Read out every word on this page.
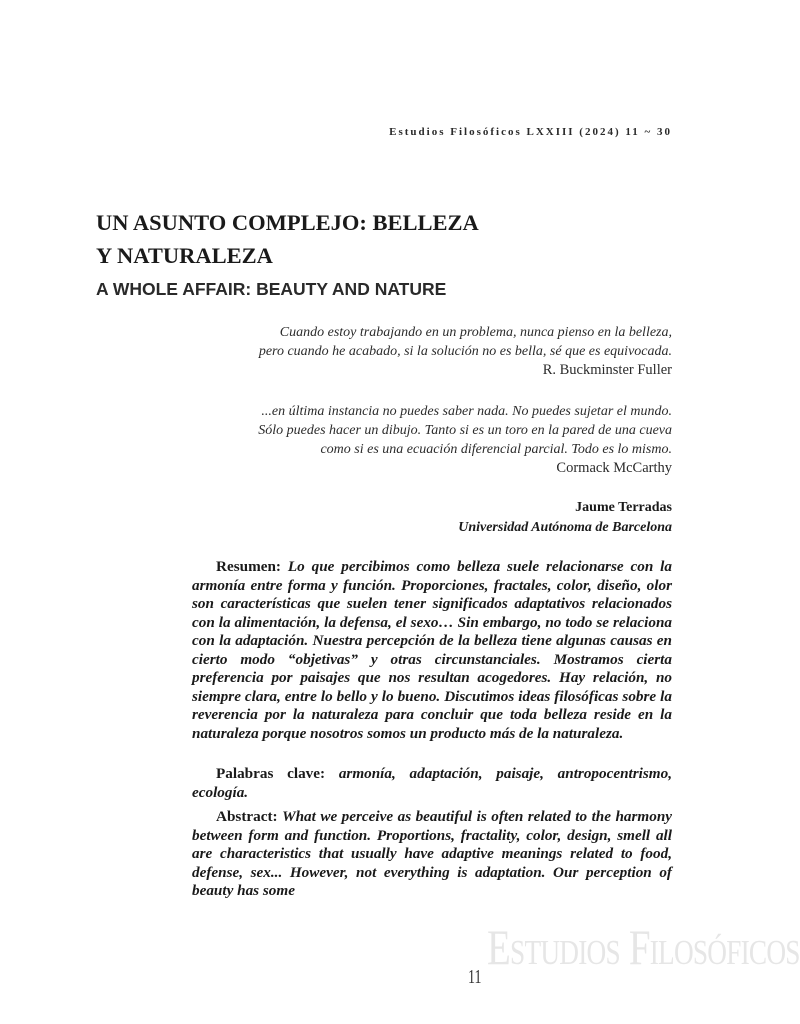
Estudios Filosóficos LXXIII (2024) 11 ~ 30
UN ASUNTO COMPLEJO: BELLEZA
Y NATURALEZA
A WHOLE AFFAIR: BEAUTY AND NATURE
Cuando estoy trabajando en un problema, nunca pienso en la belleza,
pero cuando he acabado, si la solución no es bella, sé que es equivocada.
R. Buckminster Fuller
...en última instancia no puedes saber nada. No puedes sujetar el mundo.
Sólo puedes hacer un dibujo. Tanto si es un toro en la pared de una cueva
como si es una ecuación diferencial parcial. Todo es lo mismo.
Cormack McCarthy
Jaume Terradas
Universidad Autónoma de Barcelona

Resumen: Lo que percibimos como belleza suele relacionarse con la armonía entre forma y función. Proporciones, fractales, color, diseño, olor son características que suelen tener significados adaptativos relacionados con la alimentación, la defensa, el sexo… Sin embargo, no todo se relaciona con la adaptación. Nuestra percepción de la belleza tiene algunas causas en cierto modo “objetivas” y otras circunstanciales. Mostramos cierta preferencia por paisajes que nos resultan acogedores. Hay relación, no siempre clara, entre lo bello y lo bueno. Discutimos ideas filosóficas sobre la reverencia por la naturaleza para concluir que toda belleza reside en la naturaleza porque nosotros somos un producto más de la naturaleza.

Palabras clave: armonía, adaptación, paisaje, antropocentrismo, ecología.

Abstract: What we perceive as beautiful is often related to the harmony between form and function. Proportions, fractality, color, design, smell all are characteristics that usually have adaptive meanings related to food, defense, sex... However, not everything is adaptation. Our perception of beauty has some

Estudios Filosóficos
11
